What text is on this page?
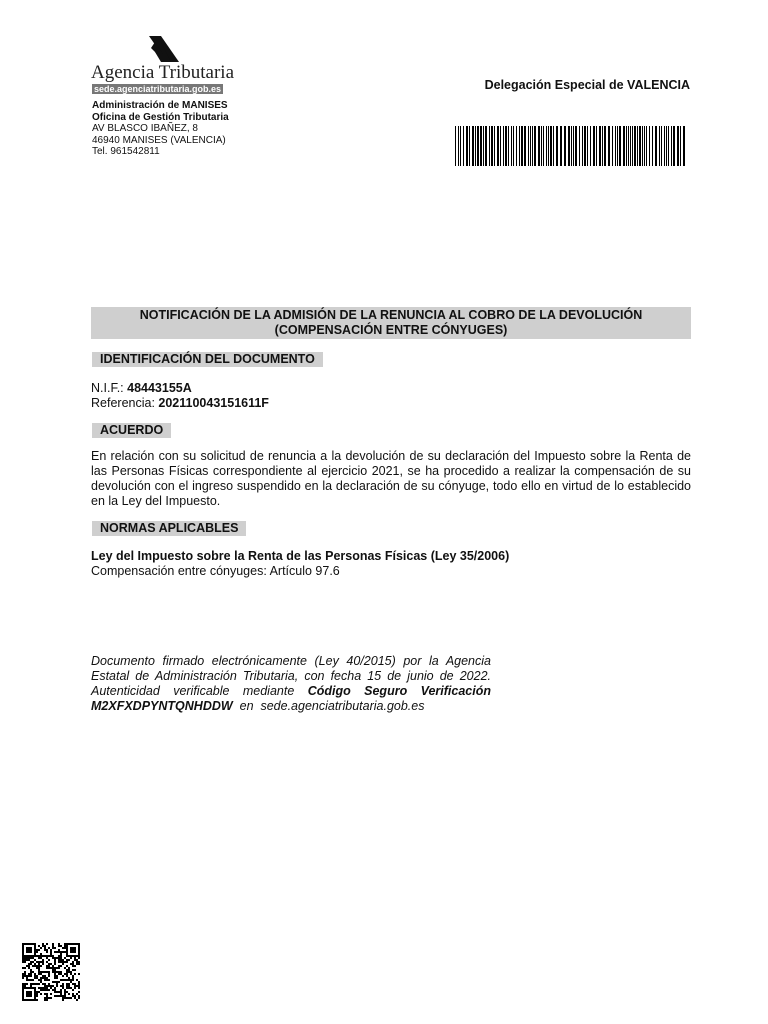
Agencia Tributaria
sede.agenciatributaria.gob.es	Delegación Especial de VALENCIA
Administración de MANISES
Oficina de Gestión Tributaria
AV BLASCO IBAÑEZ, 8
46940 MANISES (VALENCIA)
Tel. 961542811
NOTIFICACIÓN DE LA ADMISIÓN DE LA RENUNCIA AL COBRO DE LA DEVOLUCIÓN
(COMPENSACIÓN ENTRE CÓNYUGES)
IDENTIFICACIÓN DEL DOCUMENTO
N.I.F.: 48443155A
Referencia: 202110043151611F
ACUERDO
En relación con su solicitud de renuncia a la devolución de su declaración del Impuesto sobre la Renta de las Personas Físicas correspondiente al ejercicio 2021, se ha procedido a realizar la compensación de su devolución con el ingreso suspendido en la declaración de su cónyuge, todo ello en virtud de lo establecido en la Ley del Impuesto.
NORMAS APLICABLES
Ley del Impuesto sobre la Renta de las Personas Físicas (Ley 35/2006)
Compensación entre cónyuges: Artículo 97.6
Documento firmado electrónicamente (Ley 40/2015) por la Agencia Estatal de Administración Tributaria, con fecha 15 de junio de 2022. Autenticidad verificable mediante Código Seguro Verificación M2XFXDPYNTQNHDDW  en  sede.agenciatributaria.gob.es
